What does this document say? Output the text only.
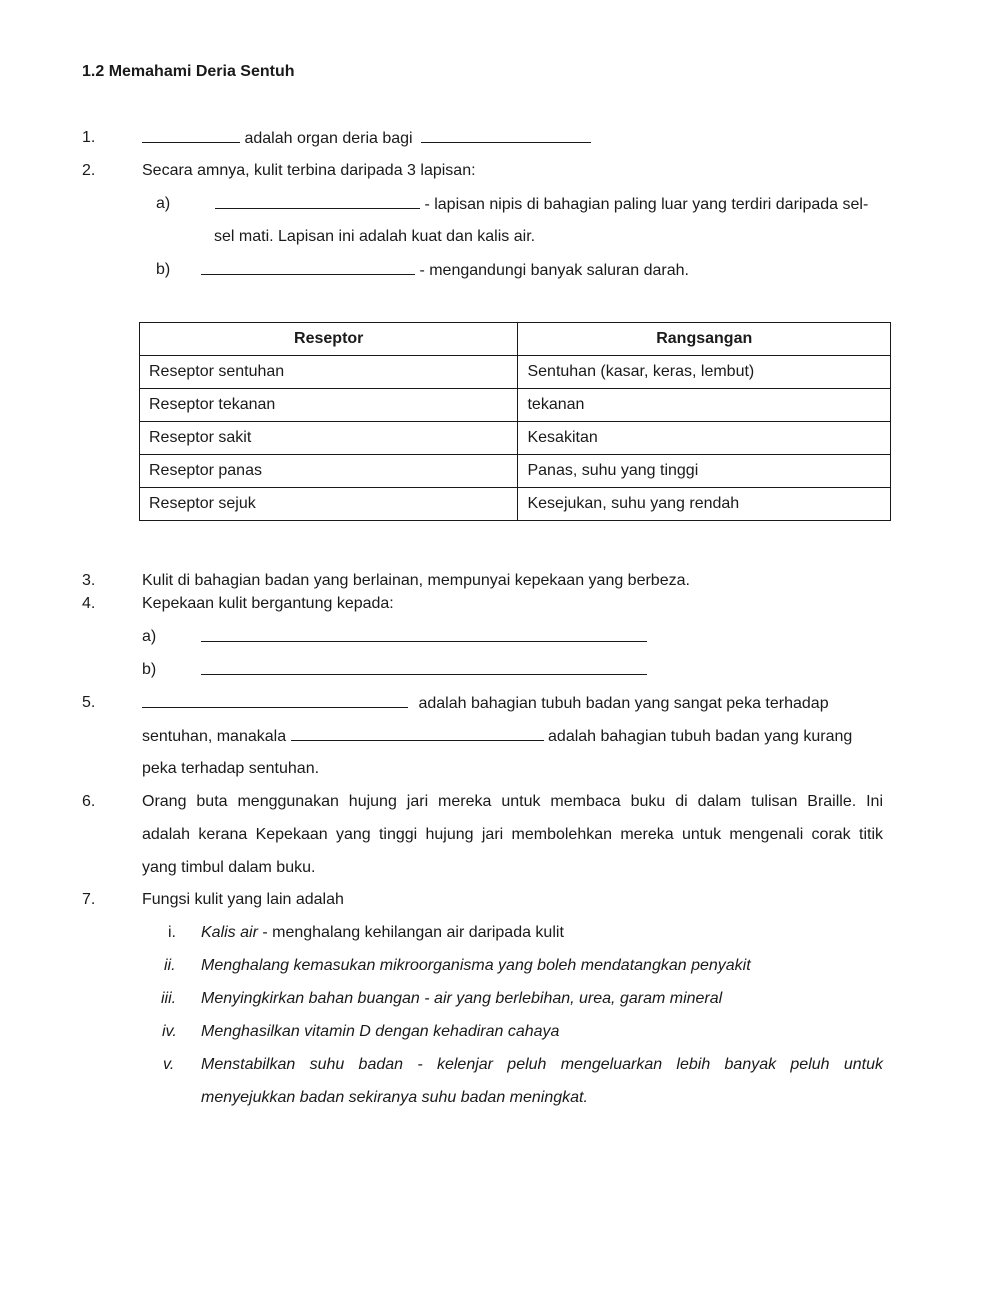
1.2 Memahami Deria Sentuh
1.	adalah organ deria bagi
2.	Secara amnya, kulit terbina daripada 3 lapisan:
a)	- lapisan nipis di bahagian paling luar yang terdiri daripada sel-
sel mati. Lapisan ini adalah kuat dan kalis air.
b)	- mengandungi banyak saluran darah.
Reseptor	Rangsangan
Reseptor sentuhan	Sentuhan (kasar, keras, lembut)
Reseptor tekanan	tekanan
Reseptor sakit	Kesakitan
Reseptor panas	Panas, suhu yang tinggi
Reseptor sejuk	Kesejukan, suhu yang rendah
3.	Kulit di bahagian badan yang berlainan, mempunyai kepekaan yang berbeza.
4.	Kepekaan kulit bergantung kepada:
a)
b)
5.	adalah bahagian tubuh badan yang sangat peka terhadap
sentuhan, manakala	adalah bahagian tubuh badan yang kurang
peka terhadap sentuhan.
6.	Orang buta menggunakan hujung jari mereka untuk membaca buku di dalam tulisan Braille. Ini
adalah kerana Kepekaan yang tinggi hujung jari membolehkan mereka untuk mengenali corak titik
yang timbul dalam buku.
7.	Fungsi kulit yang lain adalah
i. Kalis air - menghalang kehilangan air daripada kulit
ii. Menghalang kemasukan mikroorganisma yang boleh mendatangkan penyakit
iii. Menyingkirkan bahan buangan - air yang berlebihan, urea, garam mineral
iv. Menghasilkan vitamin D dengan kehadiran cahaya
v. Menstabilkan suhu badan - kelenjar peluh mengeluarkan lebih banyak peluh untuk
menyejukkan badan sekiranya suhu badan meningkat.
